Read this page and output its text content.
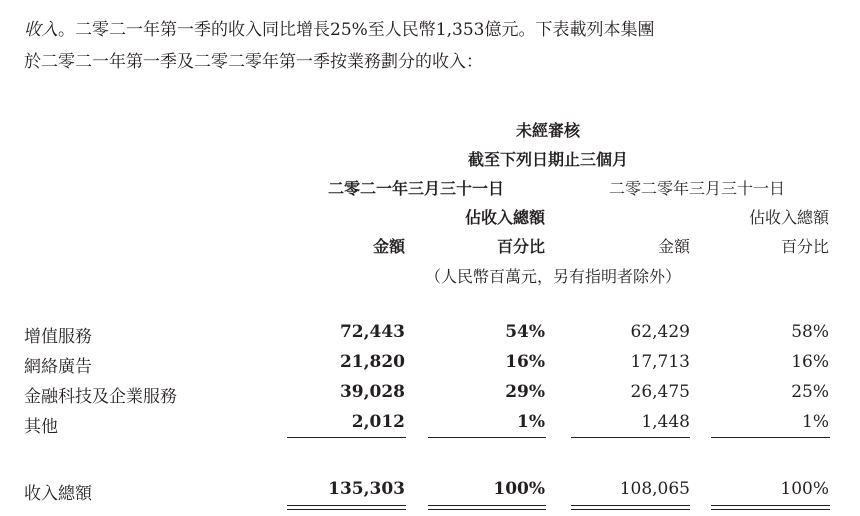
收入。二零二一年第一季的收入同比增長25%至人民幣1,353億元。下表載列本集團
於二零二一年第一季及二零二零年第一季按業務劃分的收入：
未經審核
截至下列日期止三個月
二零二一年三月三十一日	二零二零年三月三十一日
佔收入總額	佔收入總額
金額	百分比	金額	百分比
（人民幣百萬元，另有指明者除外）
增值服務	72,443	54%	62,429	58%
網絡廣告	21,820	16%	17,713	16%
金融科技及企業服務	39,028	29%	26,475	25%
其他	2,012	1%	1,448	1%
收入總額	135,303	100%	108,065	100%
